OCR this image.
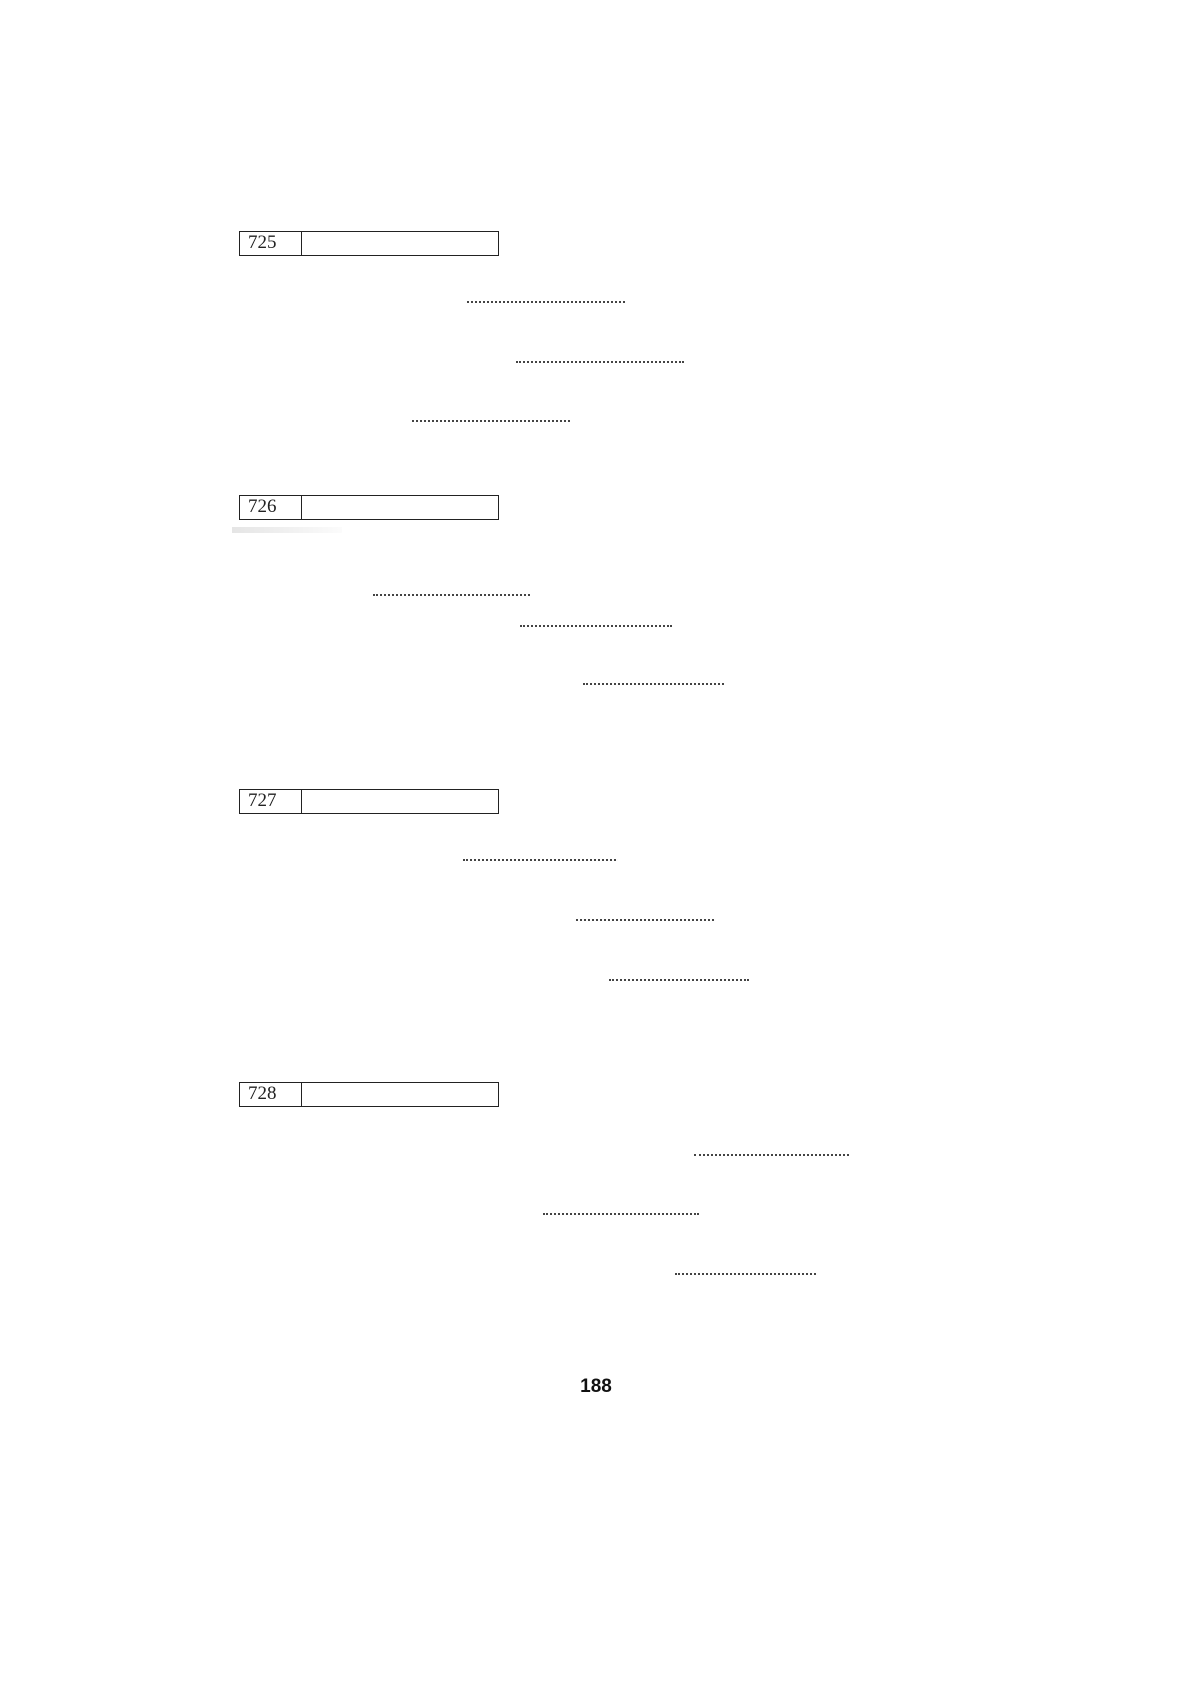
725
726
727
728
188
